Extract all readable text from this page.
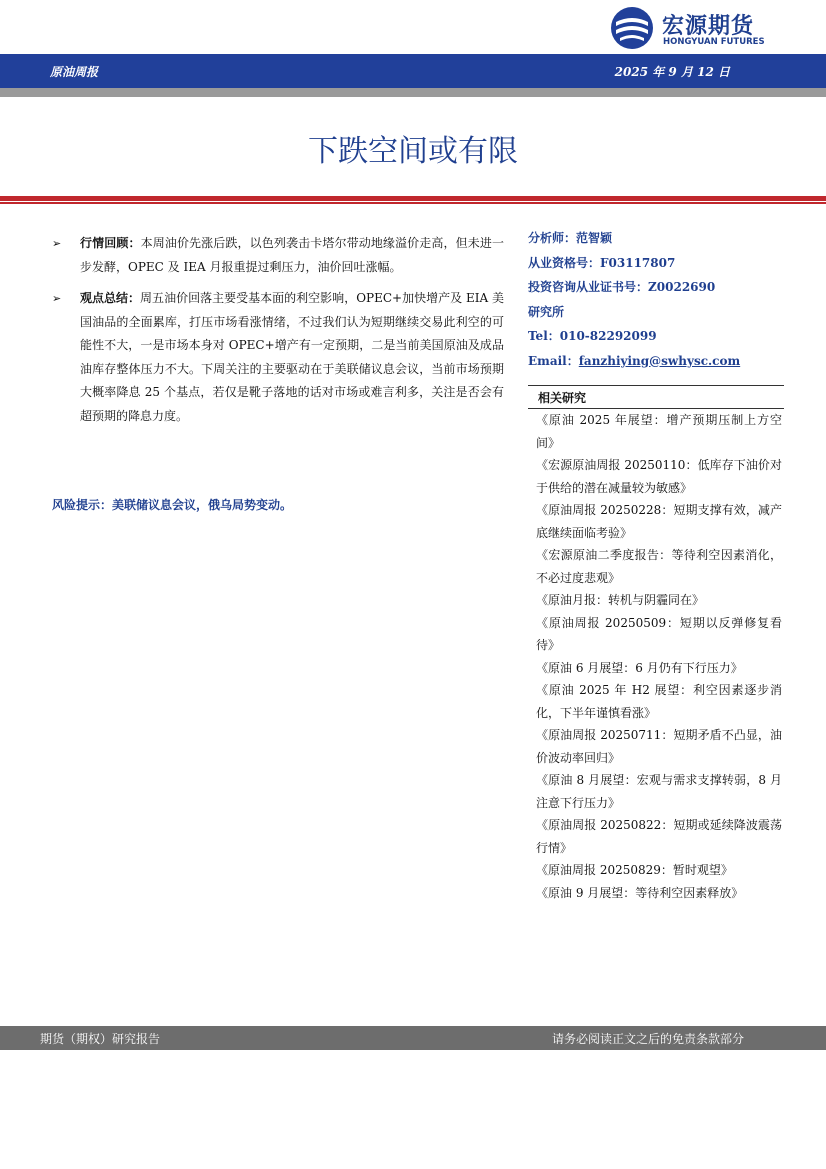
宏源期货
HONGYUAN FUTURES
原油周报	2025 年 9 月 12 日
下跌空间或有限
➢ 行情回顾：本周油价先涨后跌，以色列袭击卡塔尔带动地缘溢价走高，但未进一步发酵，OPEC 及 IEA 月报重提过剩压力，油价回吐涨幅。
➢ 观点总结：周五油价回落主要受基本面的利空影响，OPEC+加快增产及 EIA 美国油品的全面累库，打压市场看涨情绪，不过我们认为短期继续交易此利空的可能性不大，一是市场本身对 OPEC+增产有一定预期，二是当前美国原油及成品油库存整体压力不大。下周关注的主要驱动在于美联储议息会议，当前市场预期大概率降息 25 个基点，若仅是靴子落地的话对市场或难言利多，关注是否会有超预期的降息力度。
风险提示：美联储议息会议，俄乌局势变动。
分析师：范智颖
从业资格号：F03117807
投资咨询从业证书号：Z0022690
研究所
Tel：010-82292099
Email：fanzhiying@swhysc.com
相关研究
《原油 2025 年展望：增产预期压制上方空间》
《宏源原油周报 20250110：低库存下油价对于供给的潜在减量较为敏感》
《原油周报 20250228：短期支撑有效，减产底继续面临考验》
《宏源原油二季度报告：等待利空因素消化，不必过度悲观》
《原油月报：转机与阴霾同在》
《原油周报 20250509：短期以反弹修复看待》
《原油 6 月展望：6 月仍有下行压力》
《原油 2025 年 H2 展望：利空因素逐步消化，下半年谨慎看涨》
《原油周报 20250711：短期矛盾不凸显，油价波动率回归》
《原油 8 月展望：宏观与需求支撑转弱，8 月注意下行压力》
《原油周报 20250822：短期或延续降波震荡行情》
《原油周报 20250829：暂时观望》
《原油 9 月展望：等待利空因素释放》
期货（期权）研究报告	请务必阅读正文之后的免责条款部分
